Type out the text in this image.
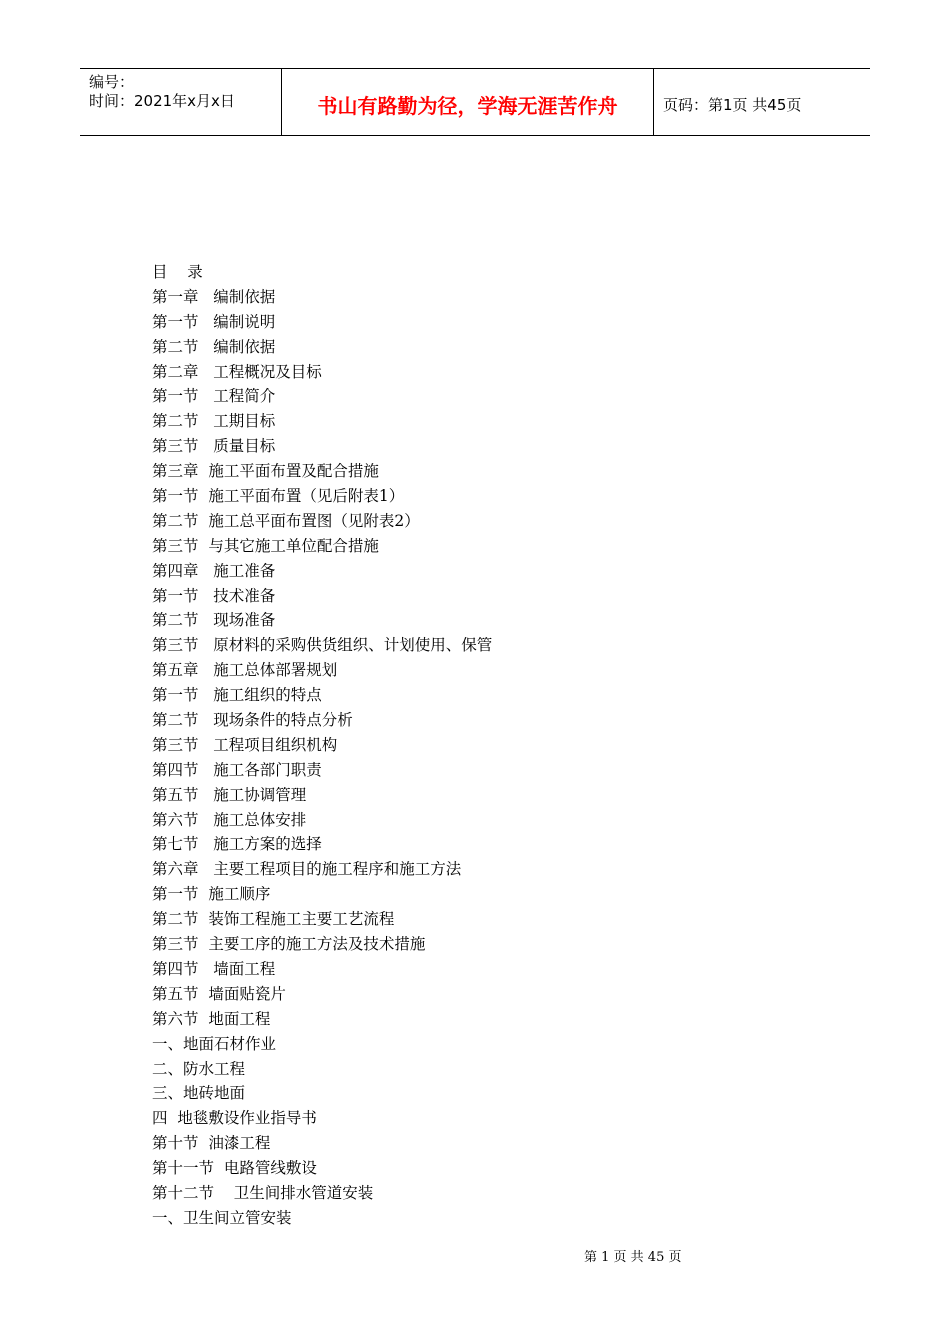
编号：
时间：2021年x月x日	书山有路勤为径，学海无涯苦作舟	页码：第1页 共45页
目    录
第一章   编制依据
第一节   编制说明
第二节   编制依据
第二章   工程概况及目标
第一节   工程简介
第二节   工期目标
第三节   质量目标
第三章  施工平面布置及配合措施
第一节  施工平面布置（见后附表1）
第二节  施工总平面布置图（见附表2）
第三节  与其它施工单位配合措施
第四章   施工准备
第一节   技术准备
第二节   现场准备
第三节   原材料的采购供货组织、计划使用、保管
第五章   施工总体部署规划
第一节   施工组织的特点
第二节   现场条件的特点分析
第三节   工程项目组织机构
第四节   施工各部门职责
第五节   施工协调管理
第六节   施工总体安排
第七节   施工方案的选择
第六章   主要工程项目的施工程序和施工方法
第一节  施工顺序
第二节  装饰工程施工主要工艺流程
第三节  主要工序的施工方法及技术措施
第四节   墙面工程
第五节  墙面贴瓷片
第六节  地面工程
一、地面石材作业
二、防水工程
三、地砖地面
四  地毯敷设作业指导书
第十节  油漆工程
第十一节  电路管线敷设
第十二节    卫生间排水管道安装
一、卫生间立管安装
第 1 页 共 45 页
